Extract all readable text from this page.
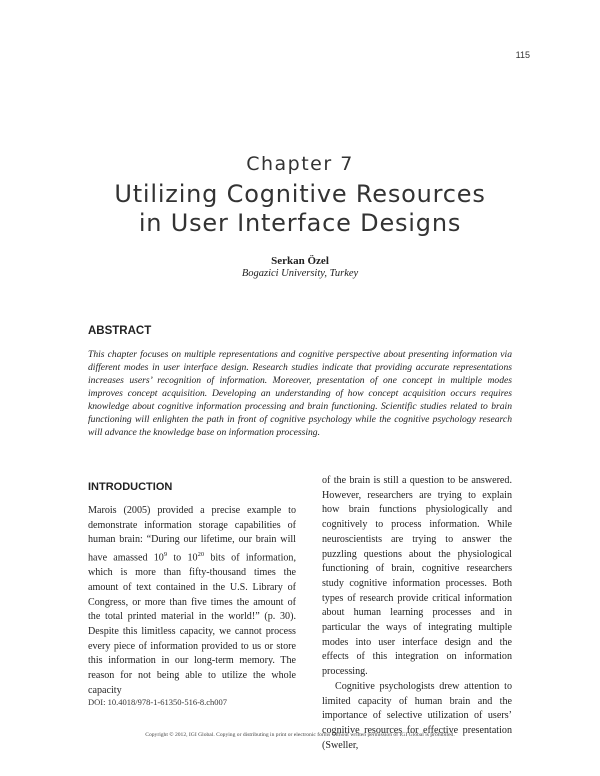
115
Chapter 7
Utilizing Cognitive Resources
in User Interface Designs
Serkan Özel
Bogazici University, Turkey
ABSTRACT
This chapter focuses on multiple representations and cognitive perspective about presenting information via different modes in user interface design. Research studies indicate that providing accurate representations increases users’ recognition of information. Moreover, presentation of one concept in multiple modes improves concept acquisition. Developing an understanding of how concept acquisition occurs requires knowledge about cognitive information processing and brain functioning. Scientific studies related to brain functioning will enlighten the path in front of cognitive psychology while the cognitive psychology research will advance the knowledge base on information processing.
INTRODUCTION

Marois (2005) provided a precise example to demonstrate information storage capabilities of human brain: “During our lifetime, our brain will have amassed $10^9$ to $10^{20}$ bits of information, which is more than fifty-thousand times the amount of text contained in the U.S. Library of Congress, or more than five times the amount of the total printed material in the world!” (p. 30). Despite this limitless capacity, we cannot process every piece of information provided to us or store this information in our long-term memory. The reason for not being able to utilize the whole capacity

of the brain is still a question to be answered. However, researchers are trying to explain how brain functions physiologically and cognitively to process information. While neuroscientists are trying to answer the puzzling questions about the physiological functioning of brain, cognitive researchers study cognitive information processes. Both types of research provide critical information about human learning processes and in particular the ways of integrating multiple modes into user interface design and the effects of this integration on information processing.

Cognitive psychologists drew attention to limited capacity of human brain and the importance of selective utilization of users’ cognitive resources for effective presentation (Sweller,

DOI: 10.4018/978-1-61350-516-8.ch007
Copyright © 2012, IGI Global. Copying or distributing in print or electronic forms without written permission of IGI Global is prohibited.
